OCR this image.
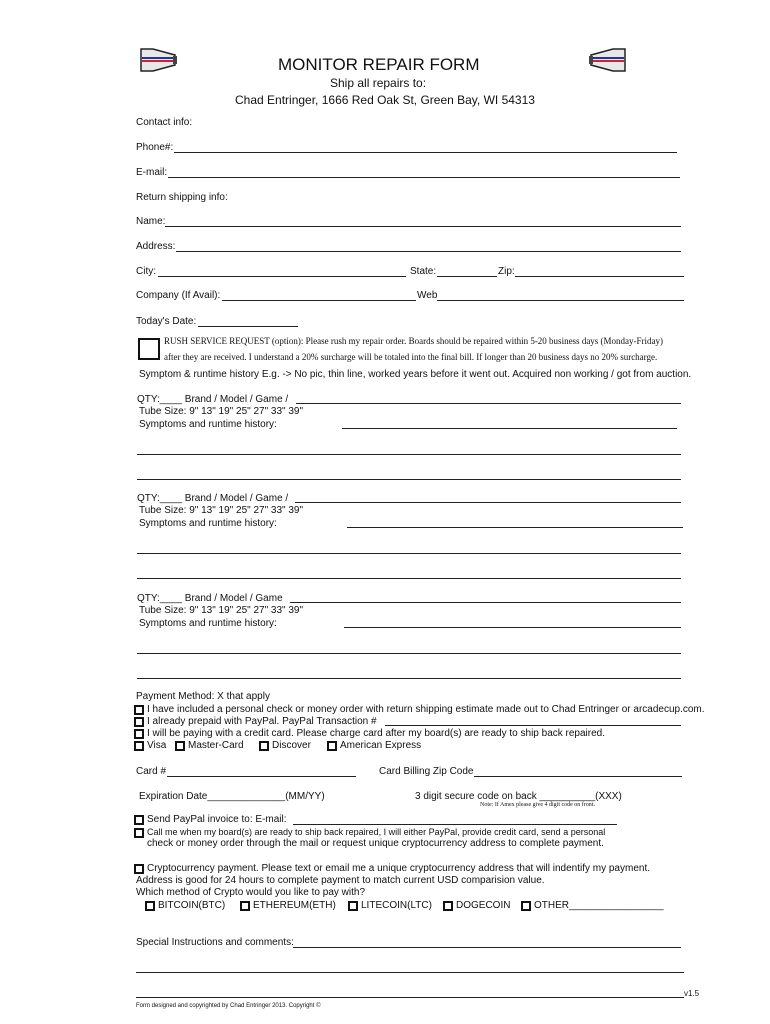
MONITOR REPAIR FORM
Ship all repairs to:
Chad Entringer, 1666 Red Oak St, Green Bay, WI 54313
Contact info:
Phone#:
E-mail:
Return shipping info:
Name:
Address:
City:	State:	Zip:
Company (If Avail):	Web
Today's Date:
RUSH SERVICE REQUEST (option): Please rush my repair order. Boards should be repaired within 5-20 business days (Monday-Friday)
after they are received. I understand a 20% surcharge will be totaled into the final bill. If longer than 20 business days no 20% surcharge.
Symptom & runtime history E.g. -> No pic, thin line, worked years before it went out. Acquired non working / got from auction.
QTY:____ Brand / Model / Game /
Tube Size: 9" 13" 19" 25" 27" 33" 39"
Symptoms and runtime history:
QTY:____ Brand / Model / Game /
Tube Size: 9" 13" 19" 25" 27" 33" 39"
Symptoms and runtime history:
QTY:____ Brand / Model / Game
Tube Size: 9" 13" 19" 25" 27" 33" 39"
Symptoms and runtime history:
Payment Method: X that apply
I have included a personal check or money order with return shipping estimate made out to Chad Entringer or arcadecup.com.
I already prepaid with PayPal. PayPal Transaction #
I will be paying with a credit card. Please charge card after my board(s) are ready to ship back repaired.
Visa Master-Card	Discover	American Express
Card #	Card Billing Zip Code
Expiration Date______________(MM/YY)	3 digit secure code on back __________(XXX)
Note: If Amex please give 4 digit code on front.
Send PayPal invoice to: E-mail:
Call me when my board(s) are ready to ship back repaired, I will either PayPal, provide credit card, send a personal
check or money order through the mail or request unique cryptocurrency address to complete payment.
Cryptocurrency payment. Please text or email me a unique cryptocurrency address that will indentify my payment.
Address is good for 24 hours to complete payment to match current USD comparision value.
Which method of Crypto would you like to pay with?
BITCOIN(BTC)	ETHEREUM(ETH)	LITECOIN(LTC) DOGECOIN OTHER_________________
Special Instructions and comments:
Form designed and copyrighted by Chad Entringer 2013. Copyright ©
v1.5
